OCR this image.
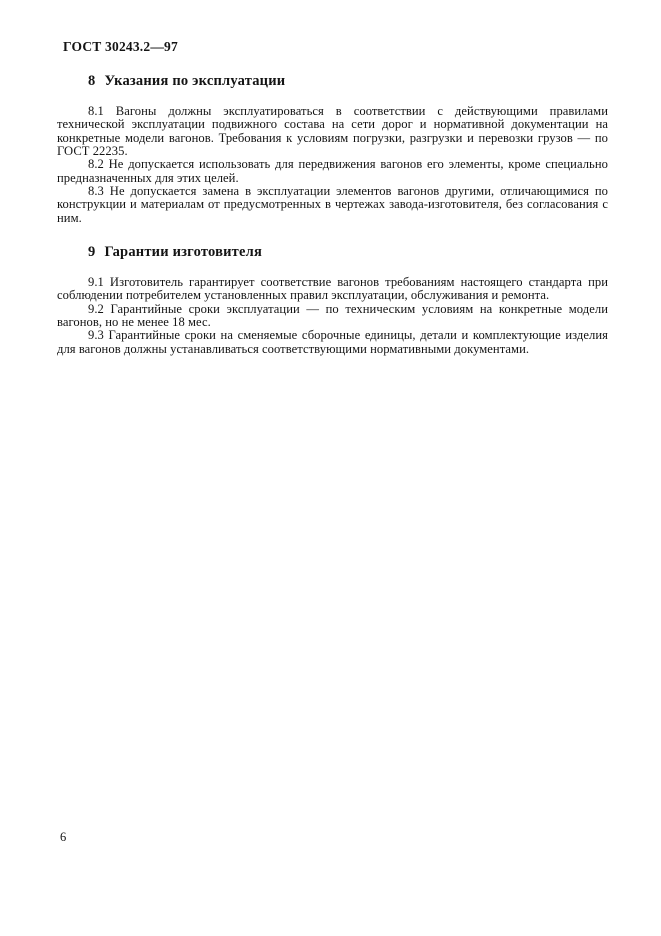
ГОСТ 30243.2—97
8 Указания по эксплуатации

8.1 Вагоны должны эксплуатироваться в соответствии с действующими правилами технической эксплуатации подвижного состава на сети дорог и нормативной документации на конкретные модели вагонов. Требования к условиям погрузки, разгрузки и перевозки грузов — по ГОСТ 22235.

8.2 Не допускается использовать для передвижения вагонов его элементы, кроме специально предназначенных для этих целей.

8.3 Не допускается замена в эксплуатации элементов вагонов другими, отличающимися по конструкции и материалам от предусмотренных в чертежах завода-изготовителя, без согласования с ним.

9 Гарантии изготовителя

9.1 Изготовитель гарантирует соответствие вагонов требованиям настоящего стандарта при соблюдении потребителем установленных правил эксплуатации, обслуживания и ремонта.

9.2 Гарантийные сроки эксплуатации — по техническим условиям на конкретные модели вагонов, но не менее 18 мес.

9.3 Гарантийные сроки на сменяемые сборочные единицы, детали и комплектующие изделия для вагонов должны устанавливаться соответствующими нормативными документами.

6
